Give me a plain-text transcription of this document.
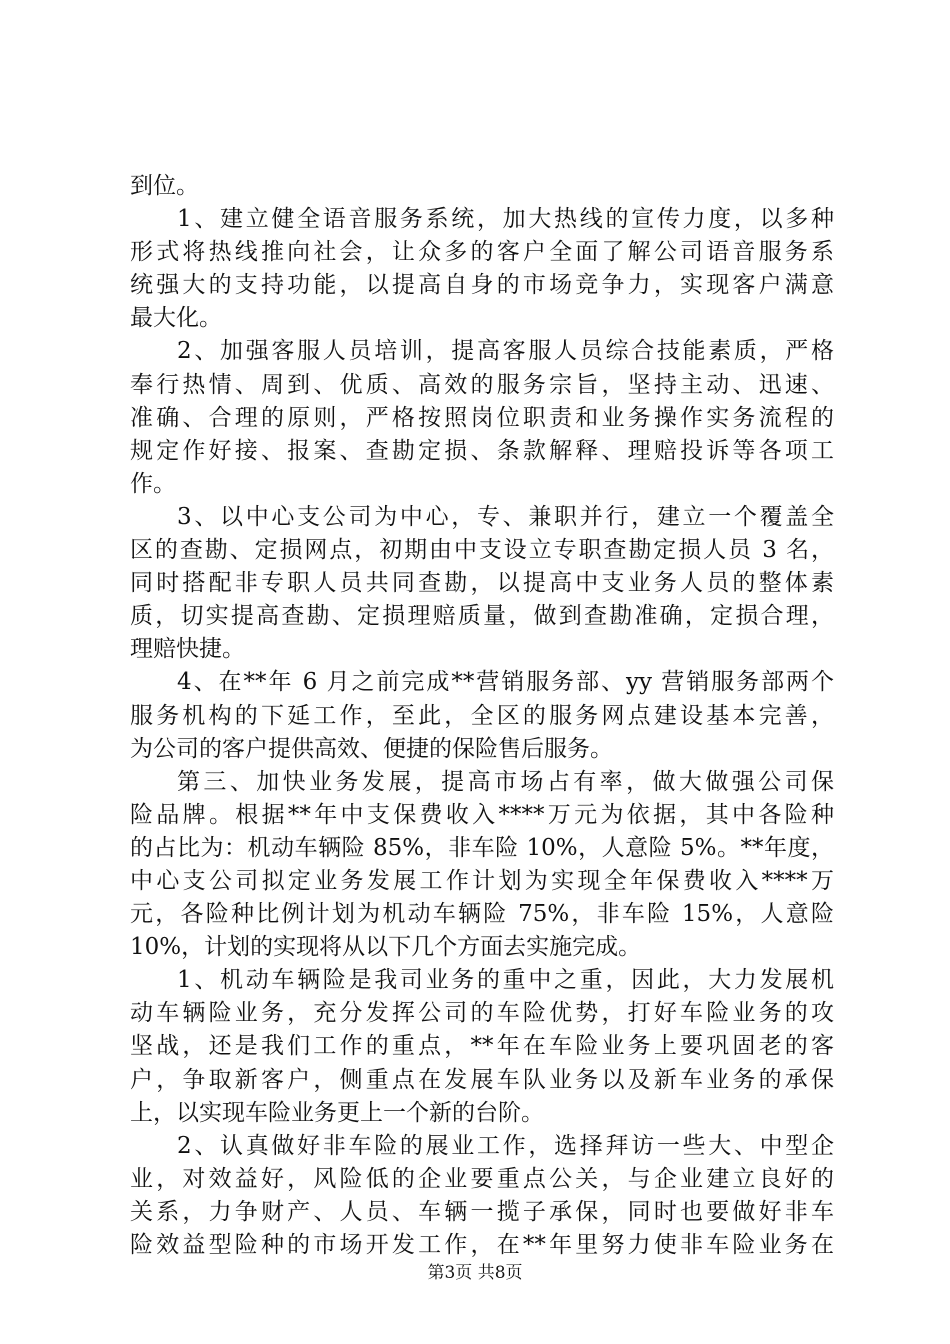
到位。
1、建立健全语音服务系统，加大热线的宣传力度，以多种
形式将热线推向社会，让众多的客户全面了解公司语音服务系
统强大的支持功能，以提高自身的市场竞争力，实现客户满意
最大化。
2、加强客服人员培训，提高客服人员综合技能素质，严格
奉行热情、周到、优质、高效的服务宗旨，坚持主动、迅速、
准确、合理的原则，严格按照岗位职责和业务操作实务流程的
规定作好接、报案、查勘定损、条款解释、理赔投诉等各项工
作。
3、以中心支公司为中心，专、兼职并行，建立一个覆盖全
区的查勘、定损网点，初期由中支设立专职查勘定损人员 3 名，
同时搭配非专职人员共同查勘，以提高中支业务人员的整体素
质，切实提高查勘、定损理赔质量，做到查勘准确，定损合理，
理赔快捷。
4、在**年 6 月之前完成**营销服务部、yy 营销服务部两个
服务机构的下延工作，至此，全区的服务网点建设基本完善，
为公司的客户提供高效、便捷的保险售后服务。
第三、加快业务发展，提高市场占有率，做大做强公司保
险品牌。根据**年中支保费收入****万元为依据，其中各险种
的占比为：机动车辆险 85%，非车险 10%，人意险 5%。**年度，
中心支公司拟定业务发展工作计划为实现全年保费收入****万
元，各险种比例计划为机动车辆险 75%，非车险 15%，人意险
10%，计划的实现将从以下几个方面去实施完成。
1、机动车辆险是我司业务的重中之重，因此，大力发展机
动车辆险业务，充分发挥公司的车险优势，打好车险业务的攻
坚战，还是我们工作的重点，**年在车险业务上要巩固老的客
户，争取新客户，侧重点在发展车队业务以及新车业务的承保
上，以实现车险业务更上一个新的台阶。
2、认真做好非车险的展业工作，选择拜访一些大、中型企
业，对效益好，风险低的企业要重点公关，与企业建立良好的
关系，力争财产、人员、车辆一揽子承保，同时也要做好非车
险效益型险种的市场开发工作，在**年里努力使非车险业务在
第3页 共8页
